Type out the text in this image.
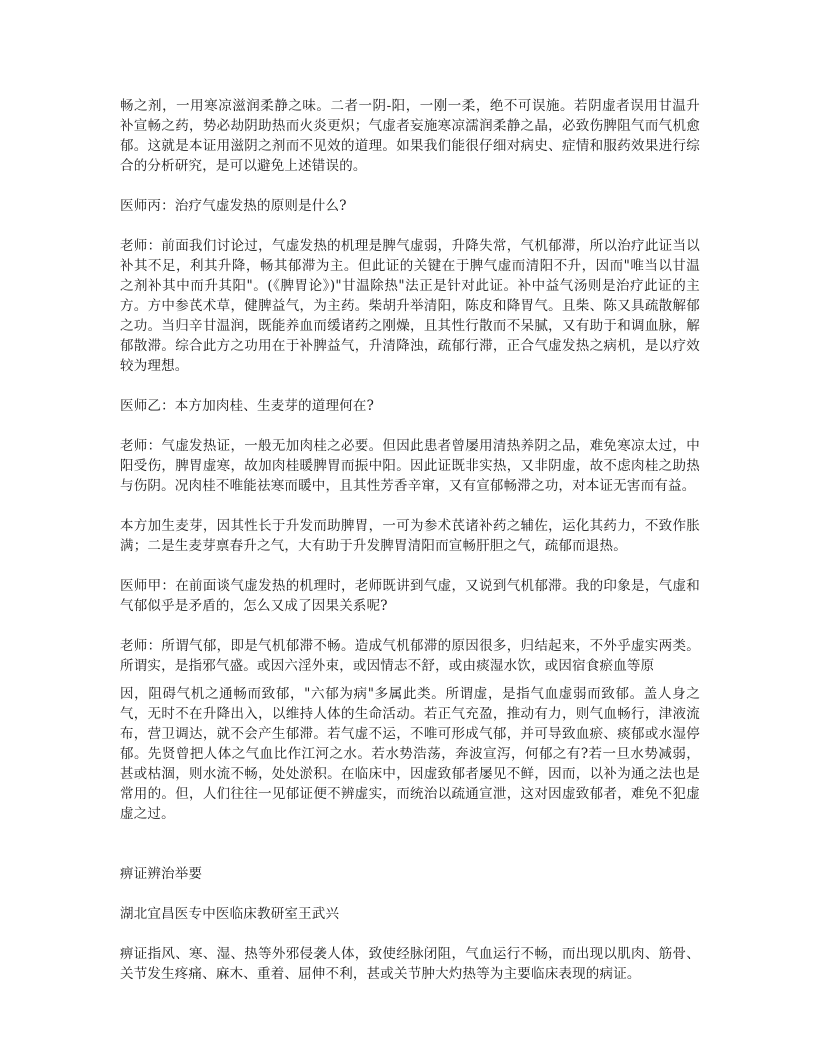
畅之剂，一用寒凉滋润柔静之味。二者一阴-阳，一刚一柔，绝不可误施。若阴虚者误用甘温升补宣畅之药，势必劫阴助热而火炎更炽；气虚者妄施寒凉濡润柔静之晶，必致伤脾阻气而气机愈郁。这就是本证用滋阴之剂而不见效的道理。如果我们能很仔细对病史、症情和服药效果进行综合的分析研究，是可以避免上述错误的。

医师丙：治疗气虚发热的原则是什么?

老师：前面我们讨论过，气虚发热的机理是脾气虚弱，升降失常，气机郁滞，所以治疗此证当以补其不足，利其升降，畅其郁滞为主。但此证的关键在于脾气虚而清阳不升，因而"唯当以甘温之剂补其中而升其阳"。(《脾胃论》)"甘温除热"法正是针对此证。补中益气汤则是治疗此证的主方。方中参芪术草，健脾益气，为主药。柴胡升举清阳，陈皮和降胃气。且柴、陈又具疏散解郁之功。当归辛甘温润，既能养血而缓诸药之刚燥，且其性行散而不呆腻，又有助于和调血脉，解郁散滞。综合此方之功用在于补脾益气，升清降浊，疏郁行滞，正合气虚发热之病机，是以疗效较为理想。

医师乙：本方加肉桂、生麦芽的道理何在?

老师：气虚发热证，一般无加肉桂之必要。但因此患者曾屡用清热养阴之品，难免寒凉太过，中阳受伤，脾胃虚寒，故加肉桂暖脾胃而振中阳。因此证既非实热，又非阴虚，故不虑肉桂之助热与伤阴。况肉桂不唯能祛寒而暖中，且其性芳香辛窜，又有宣郁畅滞之功，对本证无害而有益。

本方加生麦芽，因其性长于升发而助脾胃，一可为参术芪诸补药之辅佐，运化其药力，不致作胀满；二是生麦芽禀春升之气，大有助于升发脾胃清阳而宣畅肝胆之气，疏郁而退热。

医师甲：在前面谈气虚发热的机理时，老师既讲到气虚，又说到气机郁滞。我的印象是，气虚和气郁似乎是矛盾的，怎么又成了因果关系呢?

老师：所谓气郁，即是气机郁滞不畅。造成气机郁滞的原因很多，归结起来，不外乎虚实两类。所谓实，是指邪气盛。或因六淫外束，或因情志不舒，或由痰湿水饮，或因宿食瘀血等原

因，阻碍气机之通畅而致郁，"六郁为病"多属此类。所谓虚，是指气血虚弱而致郁。盖人身之气，无时不在升降出入，以维持人体的生命活动。若正气充盈，推动有力，则气血畅行，津液流布，营卫调达，就不会产生郁滞。若气虚不运，不唯可形成气郁，并可导致血瘀、痰郁或水湿停郁。先贤曾把人体之气血比作江河之水。若水势浩荡，奔波宣泻，何郁之有?若一旦水势减弱，甚或枯涸，则水流不畅，处处淤积。在临床中，因虚致郁者屡见不鲜，因而，以补为通之法也是常用的。但，人们往往一见郁证便不辨虚实，而统治以疏通宣泄，这对因虚致郁者，难免不犯虚虚之过。

痹证辨治举要

湖北宜昌医专中医临床教研室王武兴

痹证指风、寒、湿、热等外邪侵袭人体，致使经脉闭阻，气血运行不畅，而出现以肌肉、筋骨、关节发生疼痛、麻木、重着、屈伸不利，甚或关节肿大灼热等为主要临床表现的病证。
